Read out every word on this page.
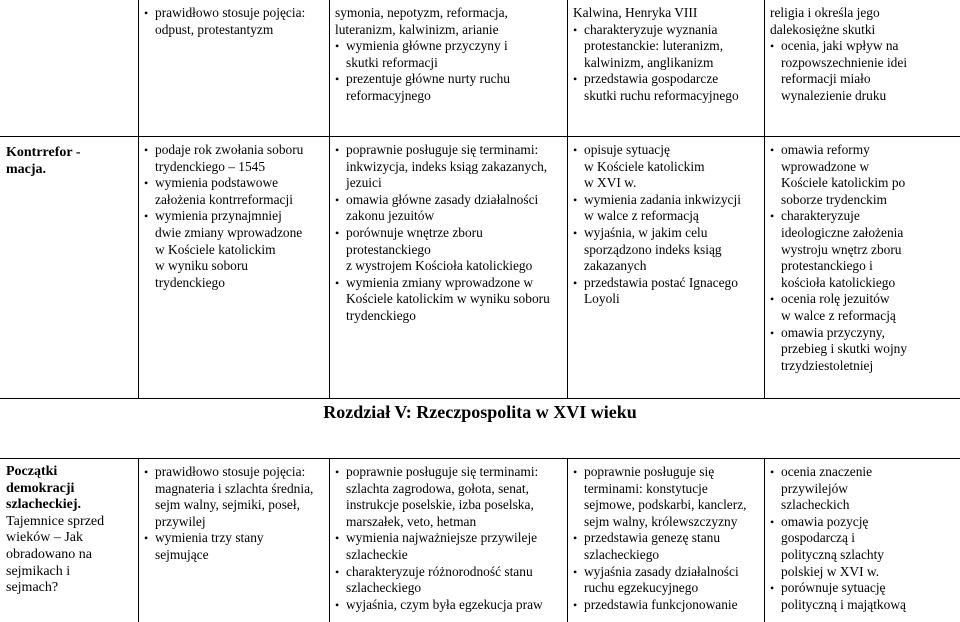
• prawidłowo stosuje pojęcia:
odpust, protestantyzm
symonia, nepotyzm, reformacja,
luteranizm, kalwinizm, arianie
• wymienia główne przyczyny i
skutki reformacji
• prezentuje główne nurty ruchu
reformacyjnego
Kalwina, Henryka VIII
• charakteryzuje wyznania
protestanckie: luteranizm,
kalwinizm, anglikanizm
• przedstawia gospodarcze
skutki ruchu reformacyjnego
religia i określa jego
dalekosiężne skutki
• ocenia, jaki wpływ na
rozpowszechnienie idei
reformacji miało
wynalezienie druku
Kontrrefor -
macja.
• podaje rok zwołania soboru
trydenckiego – 1545
• wymienia podstawowe
założenia kontrreformacji
• wymienia przynajmniej
dwie zmiany wprowadzone
w Kościele katolickim
w wyniku soboru
trydenckiego
• poprawnie posługuje się terminami:
inkwizycja, indeks ksiąg zakazanych,
jezuici
• omawia główne zasady działalności
zakonu jezuitów
• porównuje wnętrze zboru
protestanckiego
z wystrojem Kościoła katolickiego
• wymienia zmiany wprowadzone w
Kościele katolickim w wyniku soboru
trydenckiego
• opisuje sytuację
w Kościele katolickim
w XVI w.
• wymienia zadania inkwizycji
w walce z reformacją
• wyjaśnia, w jakim celu
sporządzono indeks ksiąg
zakazanych
• przedstawia postać Ignacego
Loyoli
• omawia reformy
wprowadzone w
Kościele katolickim po
soborze trydenckim
• charakteryzuje
ideologiczne założenia
wystroju wnętrz zboru
protestanckiego i
kościoła katolickiego
• ocenia rolę jezuitów
w walce z reformacją
• omawia przyczyny,
przebieg i skutki wojny
trzydziestoletniej
Rozdział V: Rzeczpospolita w XVI wieku
Początki
demokracji
szlacheckiej.
Tajemnice sprzed
wieków – Jak
obradowano na
sejmikach i
sejmach?
• prawidłowo stosuje pojęcia:
magnateria i szlachta średnia,
sejm walny, sejmiki, poseł,
przywilej
• wymienia trzy stany
sejmujące
• poprawnie posługuje się terminami:
szlachta zagrodowa, gołota, senat,
instrukcje poselskie, izba poselska,
marszałek, veto, hetman
• wymienia najważniejsze przywileje
szlacheckie
• charakteryzuje różnorodność stanu
szlacheckiego
• wyjaśnia, czym była egzekucja praw
• poprawnie posługuje się
terminami: konstytucje
sejmowe, podskarbi, kanclerz,
sejm walny, królewszczyzny
• przedstawia genezę stanu
szlacheckiego
• wyjaśnia zasady działalności
ruchu egzekucyjnego
• przedstawia funkcjonowanie
• ocenia znaczenie
przywilejów
szlacheckich
• omawia pozycję
gospodarczą i
polityczną szlachty
polskiej w XVI w.
• porównuje sytuację
polityczną i majątkową
